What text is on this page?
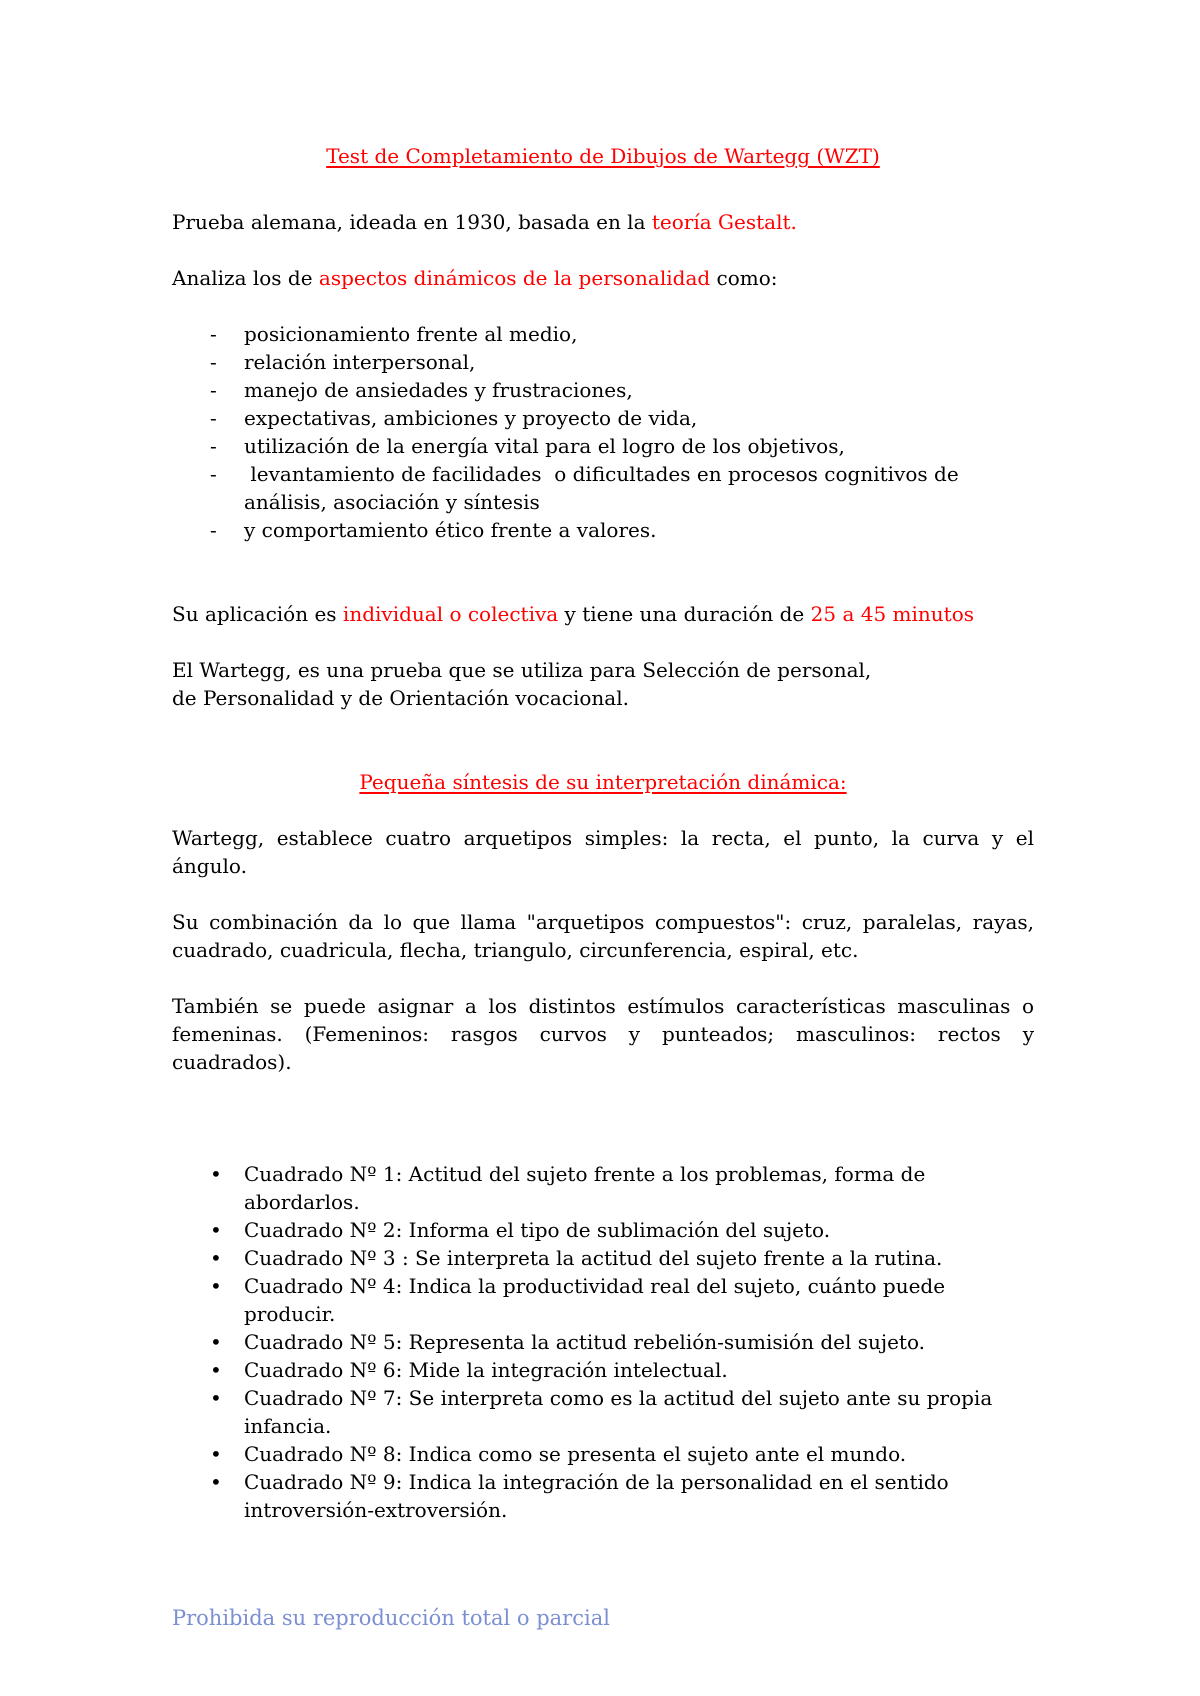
Test de Completamiento de Dibujos de Wartegg (WZT)

Prueba alemana, ideada en 1930, basada en la teoría Gestalt.

Analiza los de aspectos dinámicos de la personalidad como:

- posicionamiento frente al medio,
- relación interpersonal,
- manejo de ansiedades y frustraciones,
- expectativas, ambiciones y proyecto de vida,
- utilización de la energía vital para el logro de los objetivos,
-  levantamiento de facilidades  o dificultades en procesos cognitivos de análisis, asociación y síntesis
- y comportamiento ético frente a valores.

Su aplicación es individual o colectiva y tiene una duración de 25 a 45 minutos

El Wartegg, es una prueba que se utiliza para Selección de personal, de Personalidad y de Orientación vocacional.

Pequeña síntesis de su interpretación dinámica:

Wartegg, establece cuatro arquetipos simples: la recta, el punto, la curva y el ángulo.

Su combinación da lo que llama "arquetipos compuestos": cruz, paralelas, rayas, cuadrado, cuadricula, flecha, triangulo, circunferencia, espiral, etc.

También se puede asignar a los distintos estímulos características masculinas o femeninas. (Femeninos: rasgos curvos y punteados; masculinos: rectos y cuadrados).

• Cuadrado Nº 1: Actitud del sujeto frente a los problemas, forma de abordarlos.
• Cuadrado Nº 2: Informa el tipo de sublimación del sujeto.
• Cuadrado Nº 3 : Se interpreta la actitud del sujeto frente a la rutina.
• Cuadrado Nº 4: Indica la productividad real del sujeto, cuánto puede producir.
• Cuadrado Nº 5: Representa la actitud rebelión-sumisión del sujeto.
• Cuadrado Nº 6: Mide la integración intelectual.
• Cuadrado Nº 7: Se interpreta como es la actitud del sujeto ante su propia infancia.
• Cuadrado Nº 8: Indica como se presenta el sujeto ante el mundo.
• Cuadrado Nº 9: Indica la integración de la personalidad en el sentido introversión-extroversión.
Prohibida su reproducción total o parcial
